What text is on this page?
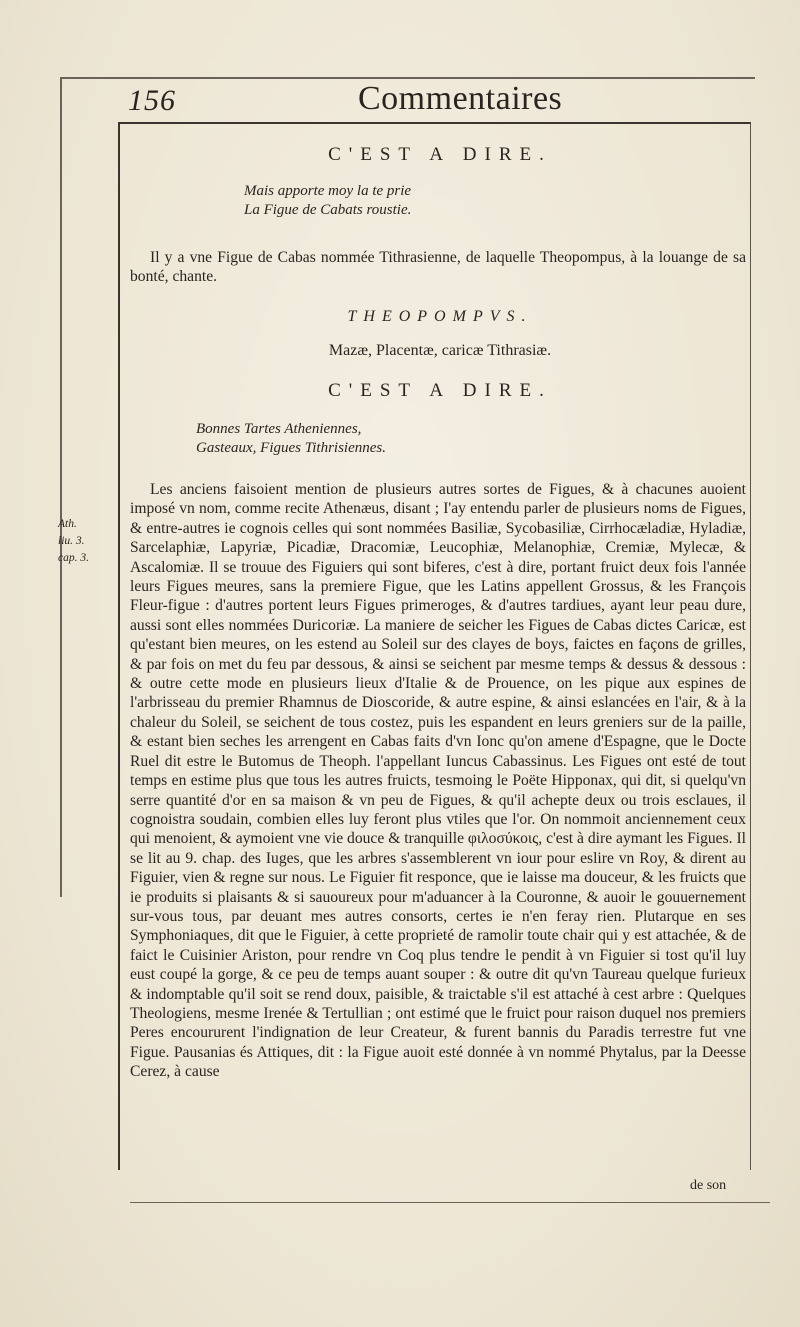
156	Commentaires
Ath.
liu. 3.
cap. 3.
C'EST A DIRE.
Mais apporte moy la te prie
La Figue de Cabats roustie.

Il y a vne Figue de Cabas nommée Tithrasienne, de laquelle Theopompus, à la louange de sa bonté, chante.

THEOPOMPVS.
Mazæ, Placentæ, caricæ Tithrasiæ.
C'EST A DIRE.
Bonnes Tartes Atheniennes,
Gasteaux, Figues Tithrisiennes.

Les anciens faisoient mention de plusieurs autres sortes de Figues, & à chacunes auoient imposé vn nom, comme recite Athenæus, disant ; I'ay entendu parler de plusieurs noms de Figues, & entre-autres ie cognois celles qui sont nommées Basiliæ, Sycobasiliæ, Cirrhocæladiæ, Hyladiæ, Sarcelaphiæ, Lapyriæ, Picadiæ, Dracomiæ, Leucophiæ, Melanophiæ, Cremiæ, Mylecæ, & Ascalomiæ. Il se trouue des Figuiers qui sont biferes, c'est à dire, portant fruict deux fois l'année leurs Figues meures, sans la premiere Figue, que les Latins appellent Grossus, & les François Fleur-figue : d'autres portent leurs Figues primeroges, & d'autres tardiues, ayant leur peau dure, aussi sont elles nommées Duricoriæ. La maniere de seicher les Figues de Cabas dictes Caricæ, est qu'estant bien meures, on les estend au Soleil sur des clayes de boys, faictes en façons de grilles, & par fois on met du feu par dessous, & ainsi se seichent par mesme temps & dessus & dessous : & outre cette mode en plusieurs lieux d'Italie & de Prouence, on les pique aux espines de l'arbrisseau du premier Rhamnus de Dioscoride, & autre espine, & ainsi eslancées en l'air, & à la chaleur du Soleil, se seichent de tous costez, puis les espandent en leurs greniers sur de la paille, & estant bien seches les arrengent en Cabas faits d'vn Ionc qu'on amene d'Espagne, que le Docte Ruel dit estre le Butomus de Theoph. l'appellant Iuncus Cabassinus. Les Figues ont esté de tout temps en estime plus que tous les autres fruicts, tesmoing le Poëte Hipponax, qui dit, si quelqu'vn serre quantité d'or en sa maison & vn peu de Figues, & qu'il achepte deux ou trois esclaues, il cognoistra soudain, combien elles luy feront plus vtiles que l'or. On nommoit anciennement ceux qui menoient, & aymoient vne vie douce & tranquille φιλοσύκοις, c'est à dire aymant les Figues. Il se lit au 9. chap. des Iuges, que les arbres s'assemblerent vn iour pour eslire vn Roy, & dirent au Figuier, vien & regne sur nous. Le Figuier fit responce, que ie laisse ma douceur, & les fruicts que ie produits si plaisants & si sauoureux pour m'aduancer à la Couronne, & auoir le gouuernement sur-vous tous, par deuant mes autres consorts, certes ie n'en feray rien. Plutarque en ses Symphoniaques, dit que le Figuier, à cette proprieté de ramolir toute chair qui y est attachée, & de faict le Cuisinier Ariston, pour rendre vn Coq plus tendre le pendit à vn Figuier si tost qu'il luy eust coupé la gorge, & ce peu de temps auant souper : & outre dit qu'vn Taureau quelque furieux & indomptable qu'il soit se rend doux, paisible, & traictable s'il est attaché à cest arbre : Quelques Theologiens, mesme Irenée & Tertullian ; ont estimé que le fruict pour raison duquel nos premiers Peres encoururent l'indignation de leur Createur, & furent bannis du Paradis terrestre fut vne Figue. Pausanias és Attiques, dit : la Figue auoit esté donnée à vn nommé Phytalus, par la Deesse Cerez, à cause

de son
